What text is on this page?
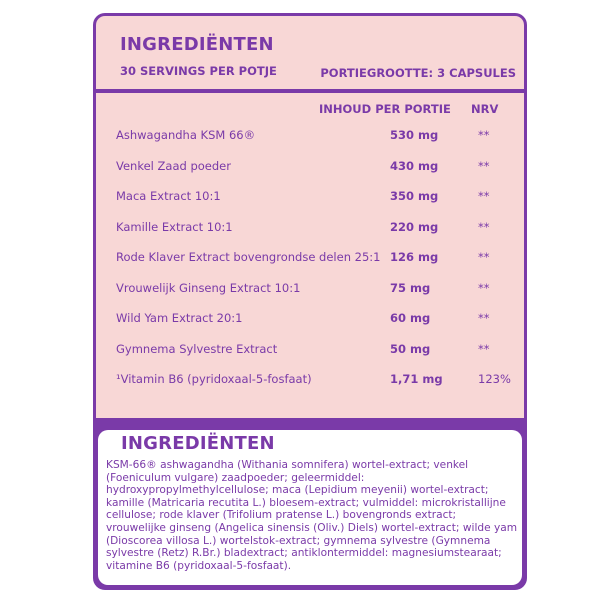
INGREDIËNTEN
30 SERVINGS PER POTJE	PORTIEGROOTTE: 3 CAPSULES
INHOUD PER PORTIE NRV
Ashwagandha KSM 66®	530 mg	**
Venkel Zaad poeder	430 mg	**
Maca Extract 10:1	350 mg	**
Kamille Extract 10:1	220 mg	**
Rode Klaver Extract bovengrondse delen 25:1 126 mg	**
Vrouwelijk Ginseng Extract 10:1	75 mg	**
Wild Yam Extract 20:1	60 mg	**
Gymnema Sylvestre Extract	50 mg	**
¹Vitamin B6 (pyridoxaal-5-fosfaat)	1,71 mg	123%
INGREDIËNTEN

KSM-66® ashwagandha (Withania somnifera) wortel-extract; venkel (Foeniculum vulgare) zaadpoeder; geleermiddel: hydroxypropylmethylcellulose; maca (Lepidium meyenii) wortel-extract; kamille (Matricaria recutita L.) bloesem-extract; vulmiddel: microkristallijne cellulose; rode klaver (Trifolium pratense L.) bovengronds extract; vrouwelijke ginseng (Angelica sinensis (Oliv.) Diels) wortel-extract; wilde yam (Dioscorea villosa L.) wortelstok-extract; gymnema sylvestre (Gymnema sylvestre (Retz) R.Br.) bladextract; antiklontermiddel: magnesiumstearaat; vitamine B6 (pyridoxaal-5-fosfaat).
